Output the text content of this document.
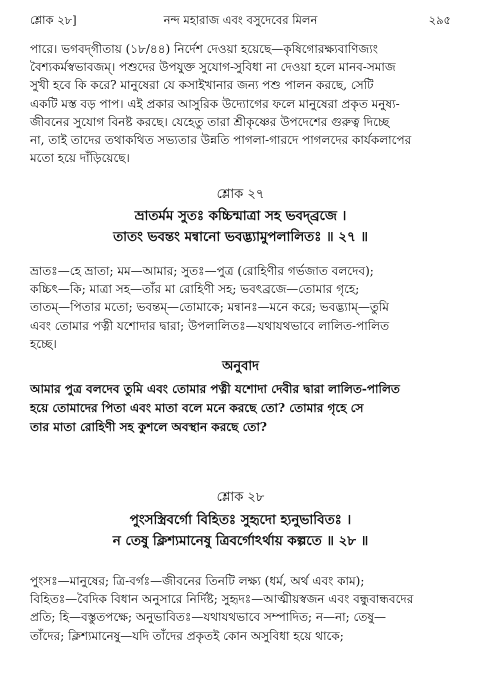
শ্লোক ২৮]	নন্দ মহারাজ এবং বসুদেবের মিলন	২৯৫
পারে। ভগবদ্‌গীতায় (১৮/৪৪) নির্দেশ দেওয়া হয়েছে—কৃষিগোরক্ষ্যবাণিজ্যং
বৈশ্যকর্মস্বভাবজম্‌। পশুদের উপযুক্ত সুযোগ-সুবিধা না দেওয়া হলে মানব-সমাজ
সুখী হবে কি করে? মানুষেরা যে কসাইখানার জন্য পশু পালন করছে, সেটি
একটি মস্ত বড় পাপ। এই প্রকার আসুরিক উদ্যোগের ফলে মানুষেরা প্রকৃত মনুষ্য-
জীবনের সুযোগ বিনষ্ট করছে। যেহেতু তারা শ্রীকৃষ্ণের উপদেশের গুরুত্ব দিচ্ছে
না, তাই তাদের তথাকথিত সভ্যতার উন্নতি পাগলা-গারদে পাগলদের কার্যকলাপের
মতো হয়ে দাঁড়িয়েছে।
শ্লোক ২৭
ভ্রাতর্মম সুতঃ কচ্চিন্মাত্রা সহ ভবদ্‌ব্রজে ।
তাতং ভবন্তং মন্বানো ভবদ্ভ্যামুপলালিতঃ ॥ ২৭ ॥
ভ্রাতঃ—হে ভ্রাতা; মম—আমার; সুতঃ—পুত্র (রোহিণীর গর্ভজাত বলদেব);
কচ্চিৎ—কি; মাত্রা সহ—তাঁর মা রোহিণী সহ; ভবৎব্রজে—তোমার গৃহে;
তাতম্‌—পিতার মতো; ভবন্তম্‌—তোমাকে; মন্বানঃ—মনে করে; ভবদ্ভ্যাম্‌—তুমি
এবং তোমার পত্নী যশোদার দ্বারা; উপলালিতঃ—যথাযথভাবে লালিত-পালিত
হচ্ছে।
অনুবাদ
আমার পুত্র বলদেব তুমি এবং তোমার পত্নী যশোদা দেবীর দ্বারা লালিত-পালিত
হয়ে তোমাদের পিতা এবং মাতা বলে মনে করছে তো? তোমার গৃহে সে
তার মাতা রোহিণী সহ কুশলে অবস্থান করছে তো?
শ্লোক ২৮
পুংসস্ত্রিবর্গো বিহিতঃ সুহৃদো হ্যনুভাবিতঃ ।
ন তেষু ক্লিশ্যমানেষু ত্রিবর্গোঽর্থায় কল্পতে ॥ ২৮ ॥
পুংসঃ—মানুষের; ত্রি-বর্গঃ—জীবনের তিনটি লক্ষ্য (ধর্ম, অর্থ এবং কাম);
বিহিতঃ—বৈদিক বিধান অনুসারে নির্দিষ্ট; সুহৃদঃ—আত্মীয়স্বজন এবং বন্ধুবান্ধবদের
প্রতি; হি—বস্তুতপক্ষে; অনুভাবিতঃ—যথাযথভাবে সম্পাদিত; ন—না; তেষু—
তাঁদের; ক্লিশ্যমানেষু—যদি তাঁদের প্রকৃতই কোন অসুবিধা হয়ে থাকে;
